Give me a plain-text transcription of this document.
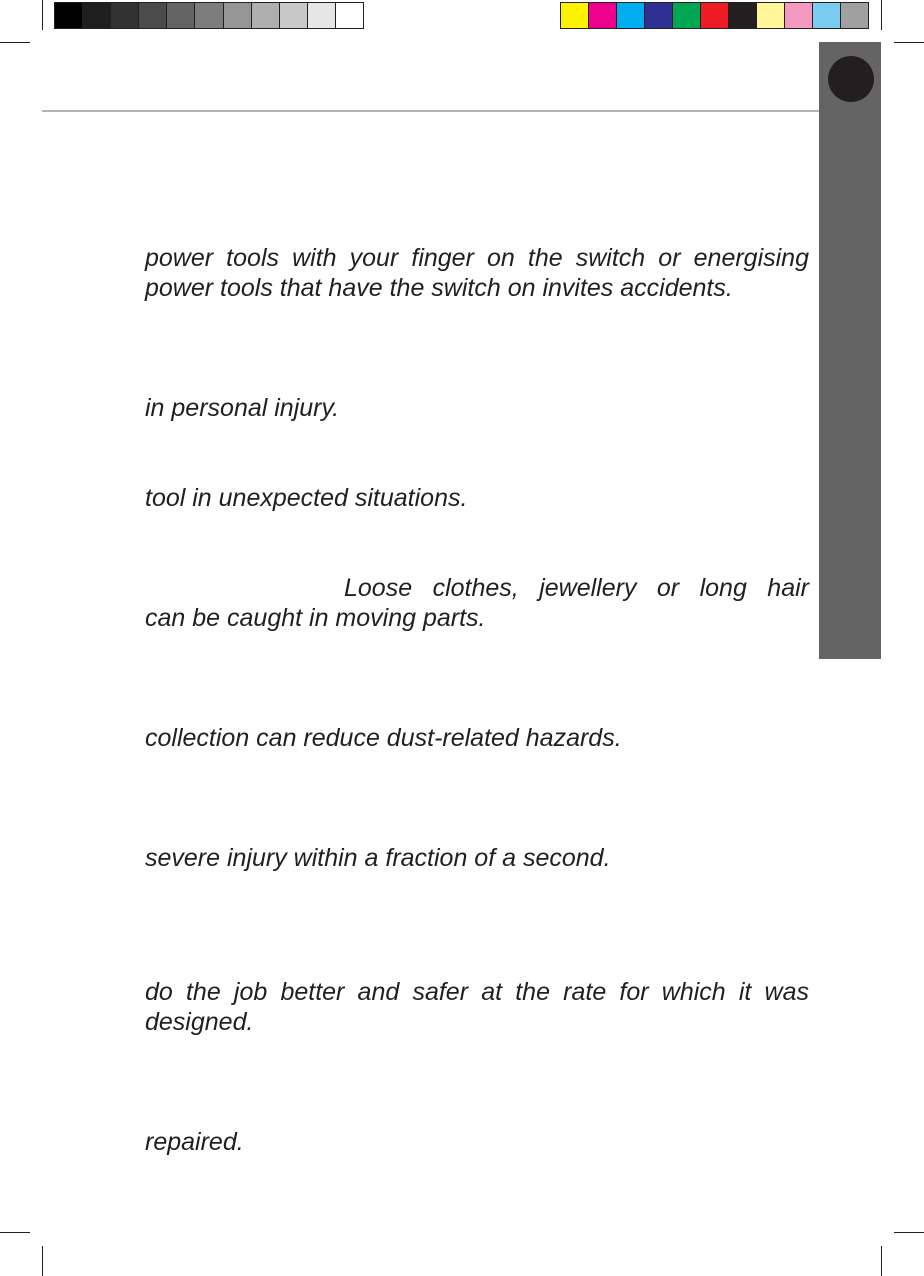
power tools with your finger on the switch or energising

power tools that have the switch on invites accidents.

in personal injury.

tool in unexpected situations.

Loose clothes, jewellery or long hair

can be caught in moving parts.

collection can reduce dust-related hazards.

severe injury within a fraction of a second.

do the job better and safer at the rate for which it was

designed.

repaired.
